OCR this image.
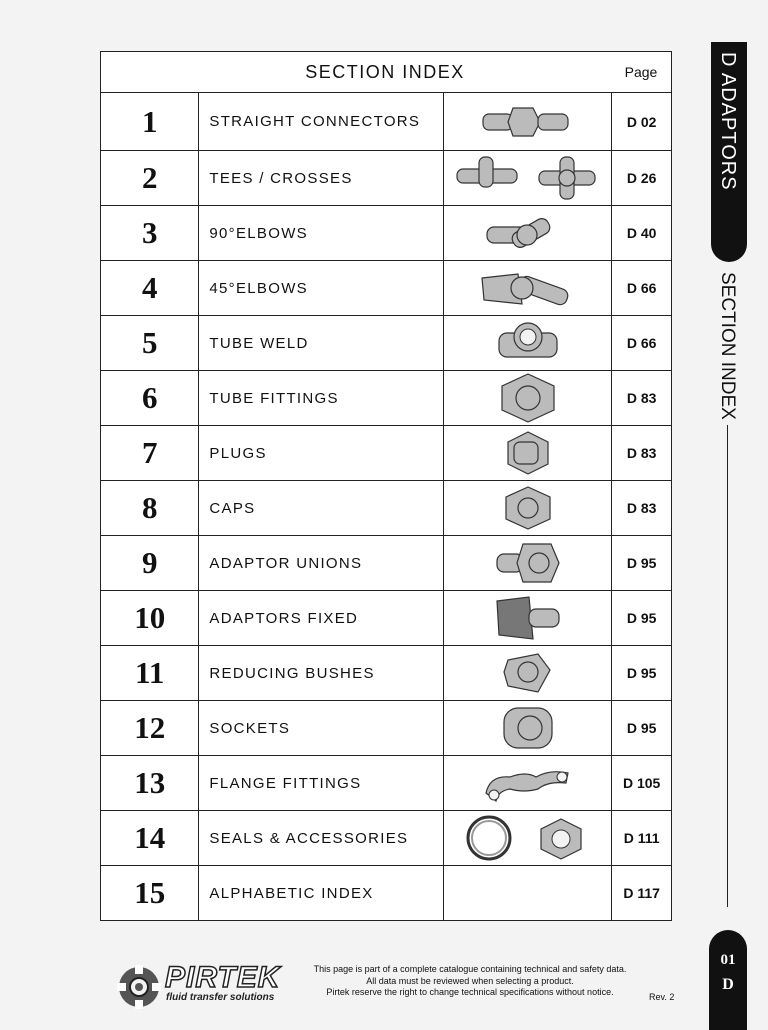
SECTION INDEX Page			

1	STRAIGHT CONNECTORS		D 02
2	TEES / CROSSES		D 26
3	90°ELBOWS		D 40
4	45°ELBOWS		D 66
5	TUBE WELD		D 66
6	TUBE FITTINGS		D 83
7	PLUGS		D 83
8	CAPS		D 83
9	ADAPTOR UNIONS		D 95
10	ADAPTORS FIXED		D 95
11	REDUCING BUSHES		D 95
12	SOCKETS		D 95
13	FLANGE FITTINGS		D 105
14	SEALS & ACCESSORIES		D 111
15	ALPHABETIC INDEX		D 117
D ADAPTORS
SECTION INDEX
01
D
PIRTEK
fluid transfer solutions
This page is part of a complete catalogue containing technical and safety data.
All data must be reviewed when selecting a product.
Pirtek reserve the right to change technical specifications without notice.	Rev. 2
